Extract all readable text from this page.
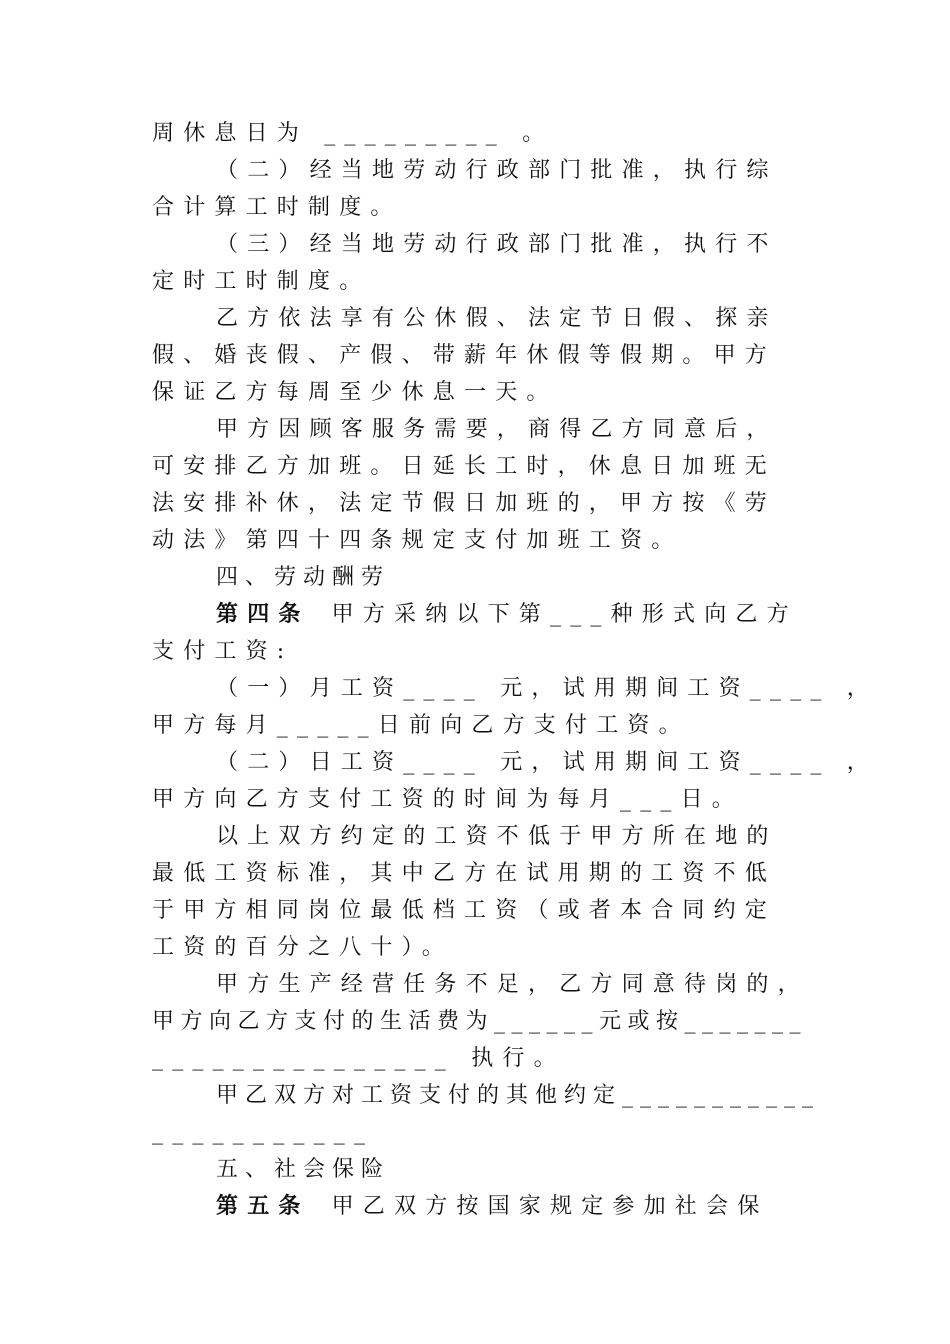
周休息日为 _________ 。
（二）经当地劳动行政部门批准，执行综
合计算工时制度。
（三）经当地劳动行政部门批准，执行不
定时工时制度。
乙方依法享有公休假、法定节日假、探亲
假、婚丧假、产假、带薪年休假等假期。甲方
保证乙方每周至少休息一天。
甲方因顾客服务需要，商得乙方同意后，
可安排乙方加班。日延长工时，休息日加班无
法安排补休，法定节假日加班的，甲方按《劳
动法》第四十四条规定支付加班工资。
四、劳动酬劳
第四条 甲方采纳以下第___种形式向乙方
支付工资:
（一）月工资____ 元，试用期间工资____ ，
甲方每月_____日前向乙方支付工资。
（二）日工资____ 元，试用期间工资____ ，
甲方向乙方支付工资的时间为每月___日。
以上双方约定的工资不低于甲方所在地的
最低工资标准，其中乙方在试用期的工资不低
于甲方相同岗位最低档工资（或者本合同约定
工资的百分之八十）。
甲方生产经营任务不足，乙方同意待岗的，
甲方向乙方支付的生活费为______元或按_______
_______________ 执行。
甲乙双方对工资支付的其他约定___________
___________
五、社会保险
第五条 甲乙双方按国家规定参加社会保
